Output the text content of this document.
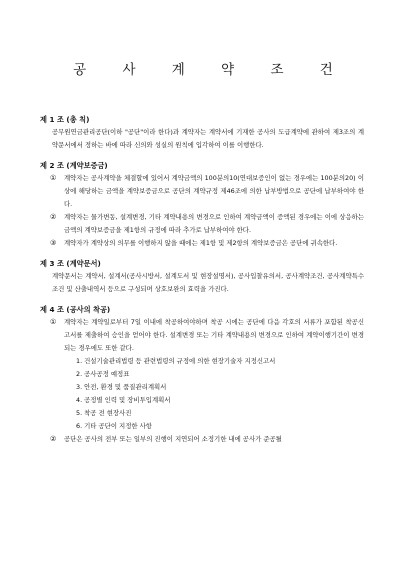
공 사 계 약 조 건
제 1 조 (총 칙)

공무원연금관리공단(이하 "공단"이라 한다)과 계약자는 계약서에 기재한 공사의 도급계약에 관하여 제3조의 계약문서에서 정하는 바에 따라 신의와 성실의 원칙에 입각하여 이를 이행한다.

제 2 조 (계약보증금)
① 계약자는 공사계약을 체결할에 있어서 계약금액의 100분의10(연대보증인이 없는 경우에는 100분의20) 이상에 해당하는 금액을 계약보증금으로 공단의 계약규정 제46조에 의한 납부방법으로 공단에 납부하여야 한다.
② 계약자는 물가변동, 설계변경, 기타 계약내용의 변경으로 인하여 계약금액이 증액된 경우에는 이에 상응하는 금액의 계약보증금을 제1항의 규정에 따라 추가로 납부하여야 한다.
③ 계약자가 계약상의 의무를 이행하지 않을 때에는 제1항 및 제2항의 계약보증금은 공단에 귀속한다.
제 3 조 (계약문서)

계약문서는 계약서, 설계서(공사시방서, 설계도서 및 현장설명서), 공사입찰유의서, 공사계약조건, 공사계약특수조건 및 산출내역서 등으로 구성되며 상호보완의 효력을 가진다.

제 4 조 (공사의 착공)
① 계약자는 계약일로부터 7일 이내에 착공하여야하며 착공 시에는 공단에 다음 각호의 서류가 포함된 착공신고서를 제출하여 승인을 얻어야 한다. 설계변경 또는 기타 계약내용의 변경으로 인하여 계약이행기간이 변경되는 경우에도 또한 같다.
1. 건설기술관리법령 등 관련법령의 규정에 의한 현장기술자 지정신고서
2. 공사공정 예정표
3. 안전, 환경 및 품질관리계획서
4. 공정별 인력 및 장비투입계획서
5. 착공 전 현장사진
6. 기타 공단이 지정한 사항
② 공단은 공사의 전부 또는 일부의 진행이 지연되어 소정기한 내에 공사가 준공될
